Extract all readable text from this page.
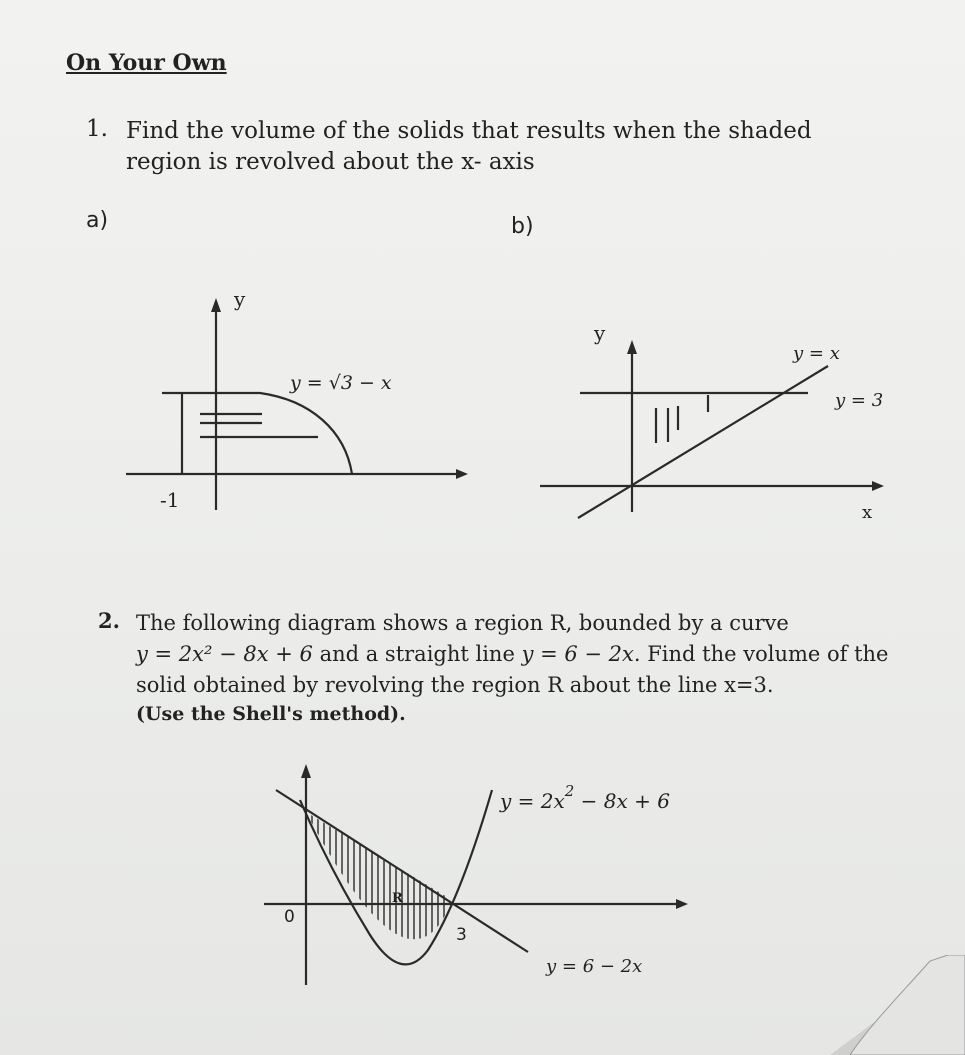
On Your Own
1. Find the volume of the solids that results when the shaded region is revolved about the x- axis
a)	b)
y
y = √3 − x
-1
y
x
y = x
y = 3
2. The following diagram shows a region R, bounded by a curve
y = 2x² − 8x + 6 and a straight line y = 6 − 2x. Find the volume of the solid obtained by revolving the region R about the line x=3.
(Use the Shell's method).
0
3
R
$y = 2x^2 - 8x + 6$
y = 6 − 2x
